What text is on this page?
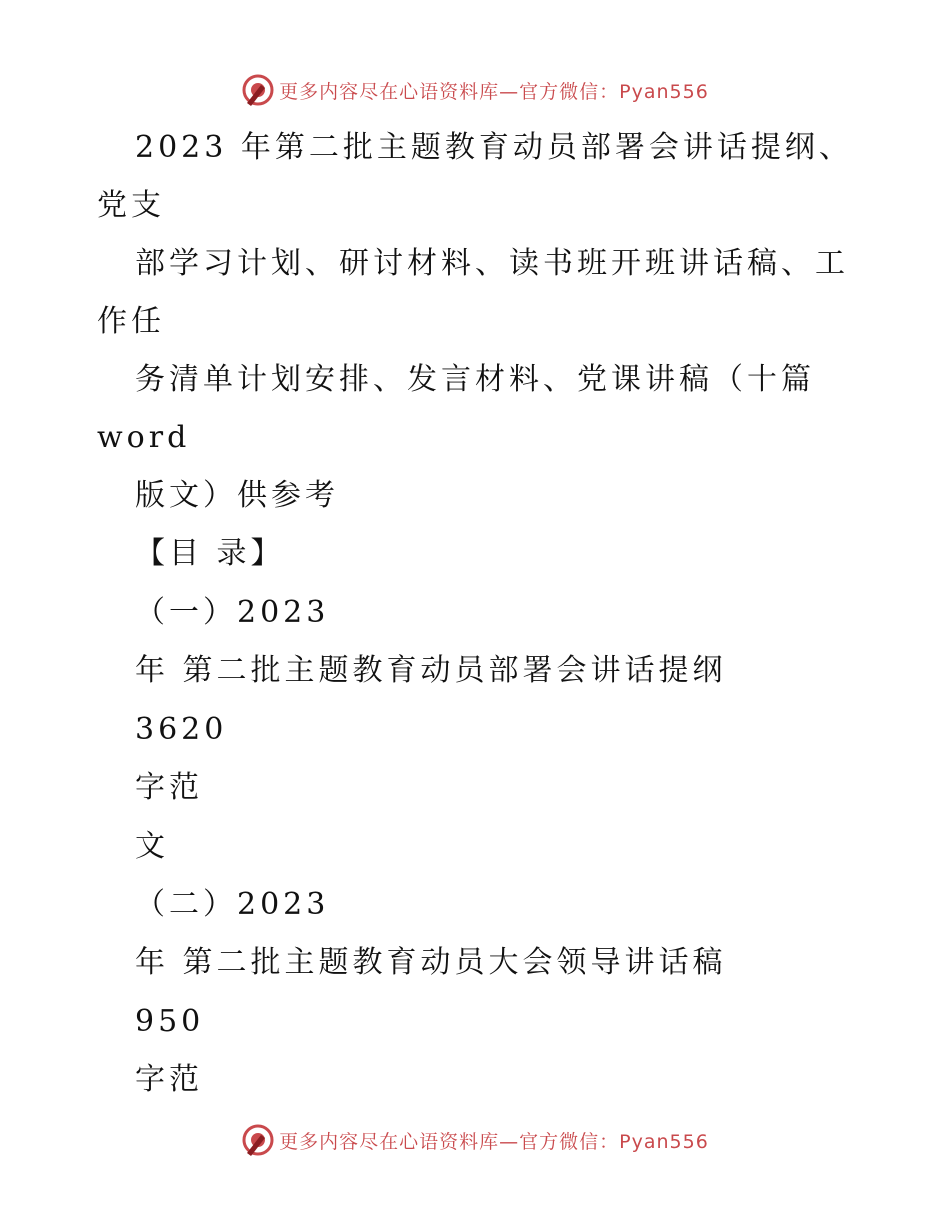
更多内容尽在心语资料库—官方微信：Pyan556
2023 年第二批主题教育动员部署会讲话提纲、
党支
部学习计划、研讨材料、读书班开班讲话稿、工
作任
务清单计划安排、发言材料、党课讲稿（十篇
word
版文）供参考
【目 录】
（一）2023
年 第二批主题教育动员部署会讲话提纲
3620
字范
文
（二）2023
年 第二批主题教育动员大会领导讲话稿
950
字范
更多内容尽在心语资料库—官方微信：Pyan556
